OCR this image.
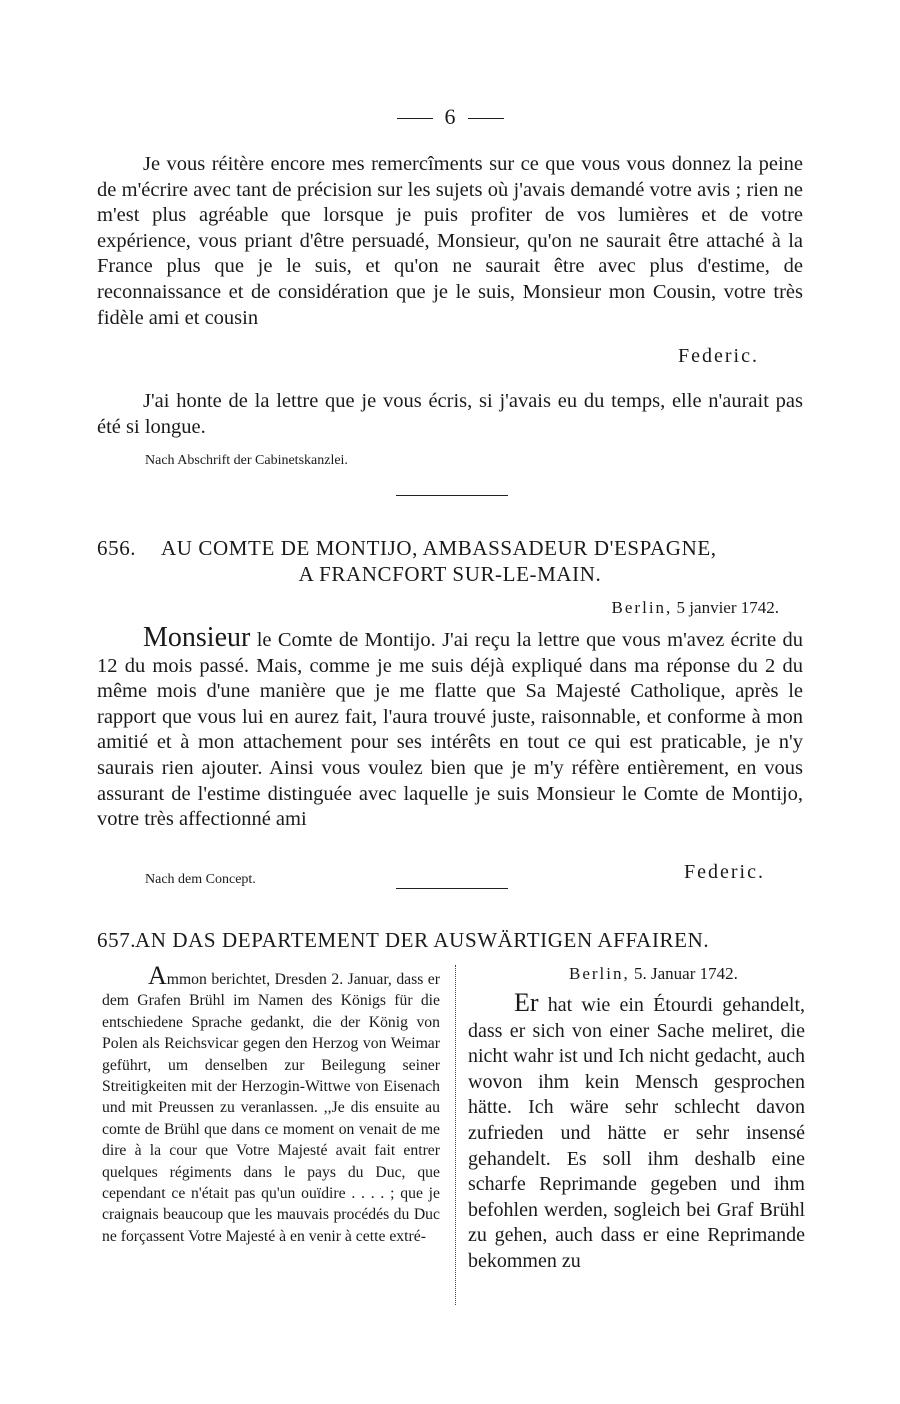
6
Je vous réitère encore mes remercîments sur ce que vous vous donnez la peine de m'écrire avec tant de précision sur les sujets où j'avais demandé votre avis ; rien ne m'est plus agréable que lorsque je puis profiter de vos lumières et de votre expérience, vous priant d'être persuadé, Monsieur, qu'on ne saurait être attaché à la France plus que je le suis, et qu'on ne saurait être avec plus d'estime, de reconnaissance et de considération que je le suis, Monsieur mon Cousin, votre très fidèle ami et cousin
Federic.
J'ai honte de la lettre que je vous écris, si j'avais eu du temps, elle n'aurait pas été si longue.
Nach Abschrift der Cabinetskanzlei.
656. AU COMTE DE MONTIJO, AMBASSADEUR D'ESPAGNE,
A FRANCFORT SUR-LE-MAIN.
Berlin, 5 janvier 1742.
Monsieur le Comte de Montijo. J'ai reçu la lettre que vous m'avez écrite du 12 du mois passé. Mais, comme je me suis déjà expliqué dans ma réponse du 2 du même mois d'une manière que je me flatte que Sa Majesté Catholique, après le rapport que vous lui en aurez fait, l'aura trouvé juste, raisonnable, et conforme à mon amitié et à mon attachement pour ses intérêts en tout ce qui est praticable, je n'y saurais rien ajouter. Ainsi vous voulez bien que je m'y réfère entièrement, en vous assurant de l'estime distinguée avec laquelle je suis Monsieur le Comte de Montijo, votre très affectionné ami
Nach dem Concept.	Federic.
657.AN DAS DEPARTEMENT DER AUSWÄRTIGEN AFFAIREN.
Ammon berichtet, Dresden 2. Januar, dass er dem Grafen Brühl im Namen des Königs für die entschiedene Sprache gedankt, die der König von Polen als Reichsvicar gegen den Herzog von Weimar geführt, um denselben zur Beilegung seiner Streitigkeiten mit der Herzogin-Wittwe von Eisenach und mit Preussen zu veranlassen. ,,Je dis ensuite au comte de Brühl que dans ce moment on venait de me dire à la cour que Votre Majesté avait fait entrer quelques régiments dans le pays du Duc, que cependant ce n'était pas qu'un ouïdire . . . . ; que je craignais beaucoup que les mauvais procédés du Duc ne forçassent Votre Majesté à en venir à cette extré-
Berlin, 5. Januar 1742.
Er hat wie ein Étourdi gehandelt, dass er sich von einer Sache meliret, die nicht wahr ist und Ich nicht gedacht, auch wovon ihm kein Mensch gesprochen hätte. Ich wäre sehr schlecht davon zufrieden und hätte er sehr insensé gehandelt. Es soll ihm deshalb eine scharfe Reprimande gegeben und ihm befohlen werden, sogleich bei Graf Brühl zu gehen, auch dass er eine Reprimande bekommen zu
